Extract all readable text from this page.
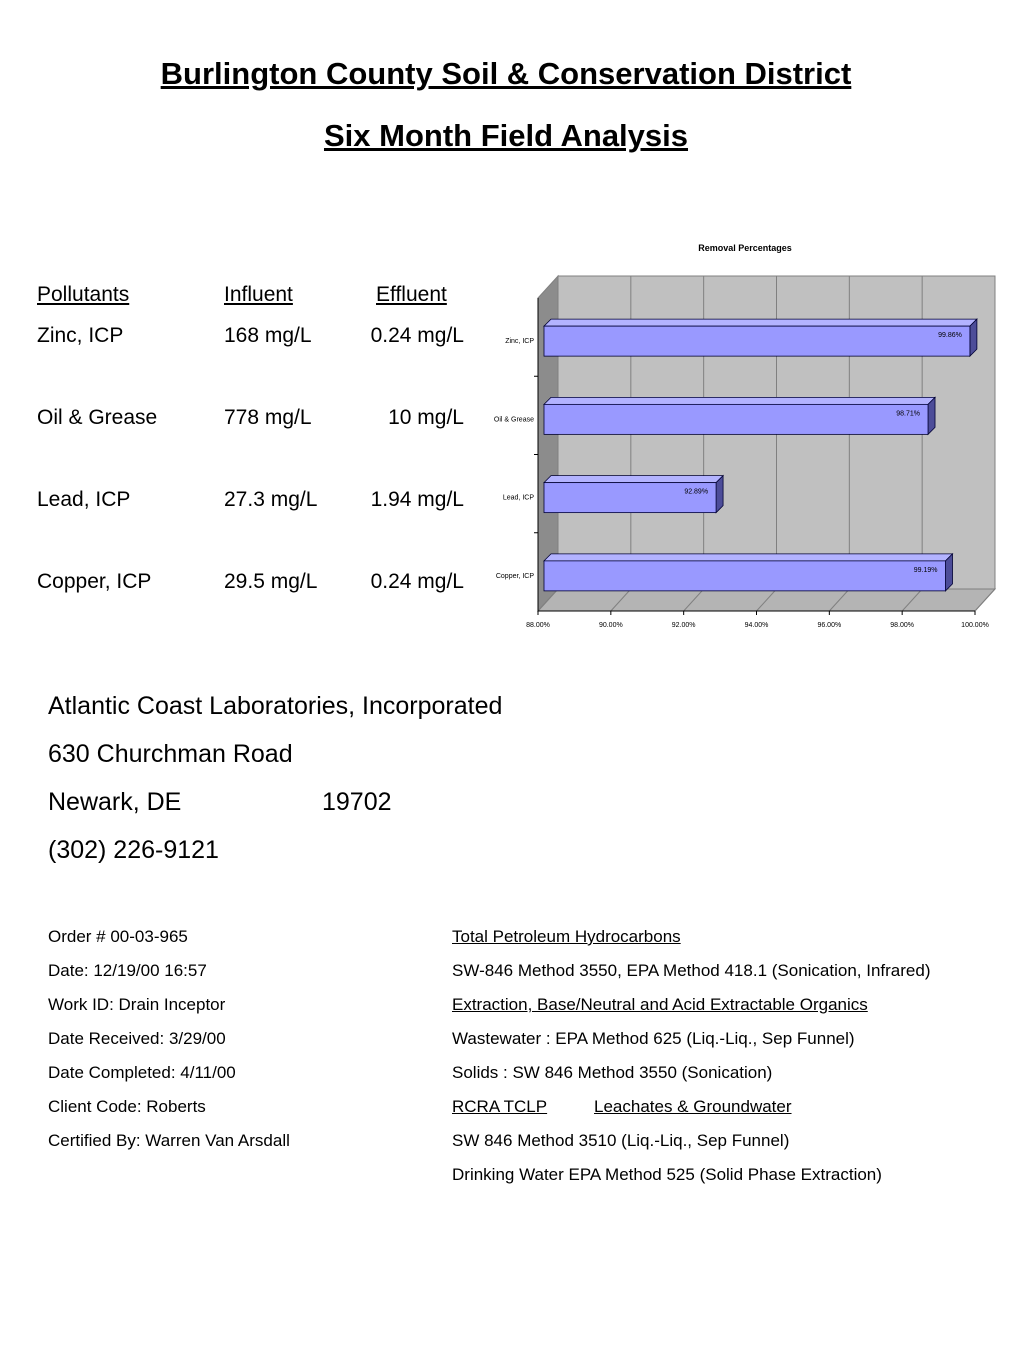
Burlington County Soil & Conservation District
Six Month Field Analysis
Pollutants	Influent	Effluent
Zinc, ICP	168 mg/L	0.24 mg/L
Oil & Grease	778 mg/L	10 mg/L
Lead, ICP	27.3 mg/L	1.94 mg/L
Copper, ICP	29.5 mg/L	0.24 mg/L
Removal Percentages
88.00%	90.00%	92.00%	94.00%	96.00%	98.00%	100.00%
99.86%
Zinc, ICP
98.71%
Oil & Grease
92.89%
Lead, ICP
99.19%
Copper, ICP
Atlantic Coast Laboratories, Incorporated
630 Churchman Road
Newark, DE	19702
(302) 226-9121
Order # 00-03-965
Date: 12/19/00 16:57
Work ID: Drain Inceptor
Date Received: 3/29/00
Date Completed: 4/11/00
Client Code: Roberts
Certified By: Warren Van Arsdall
Total Petroleum Hydrocarbons
SW-846 Method 3550, EPA Method 418.1 (Sonication, Infrared)
Extraction, Base/Neutral and Acid Extractable Organics
Wastewater : EPA Method 625 (Liq.-Liq., Sep Funnel)
Solids : SW 846 Method 3550 (Sonication)
RCRA TCLP	Leachates & Groundwater
SW 846 Method 3510 (Liq.-Liq., Sep Funnel)
Drinking Water EPA Method 525 (Solid Phase Extraction)
